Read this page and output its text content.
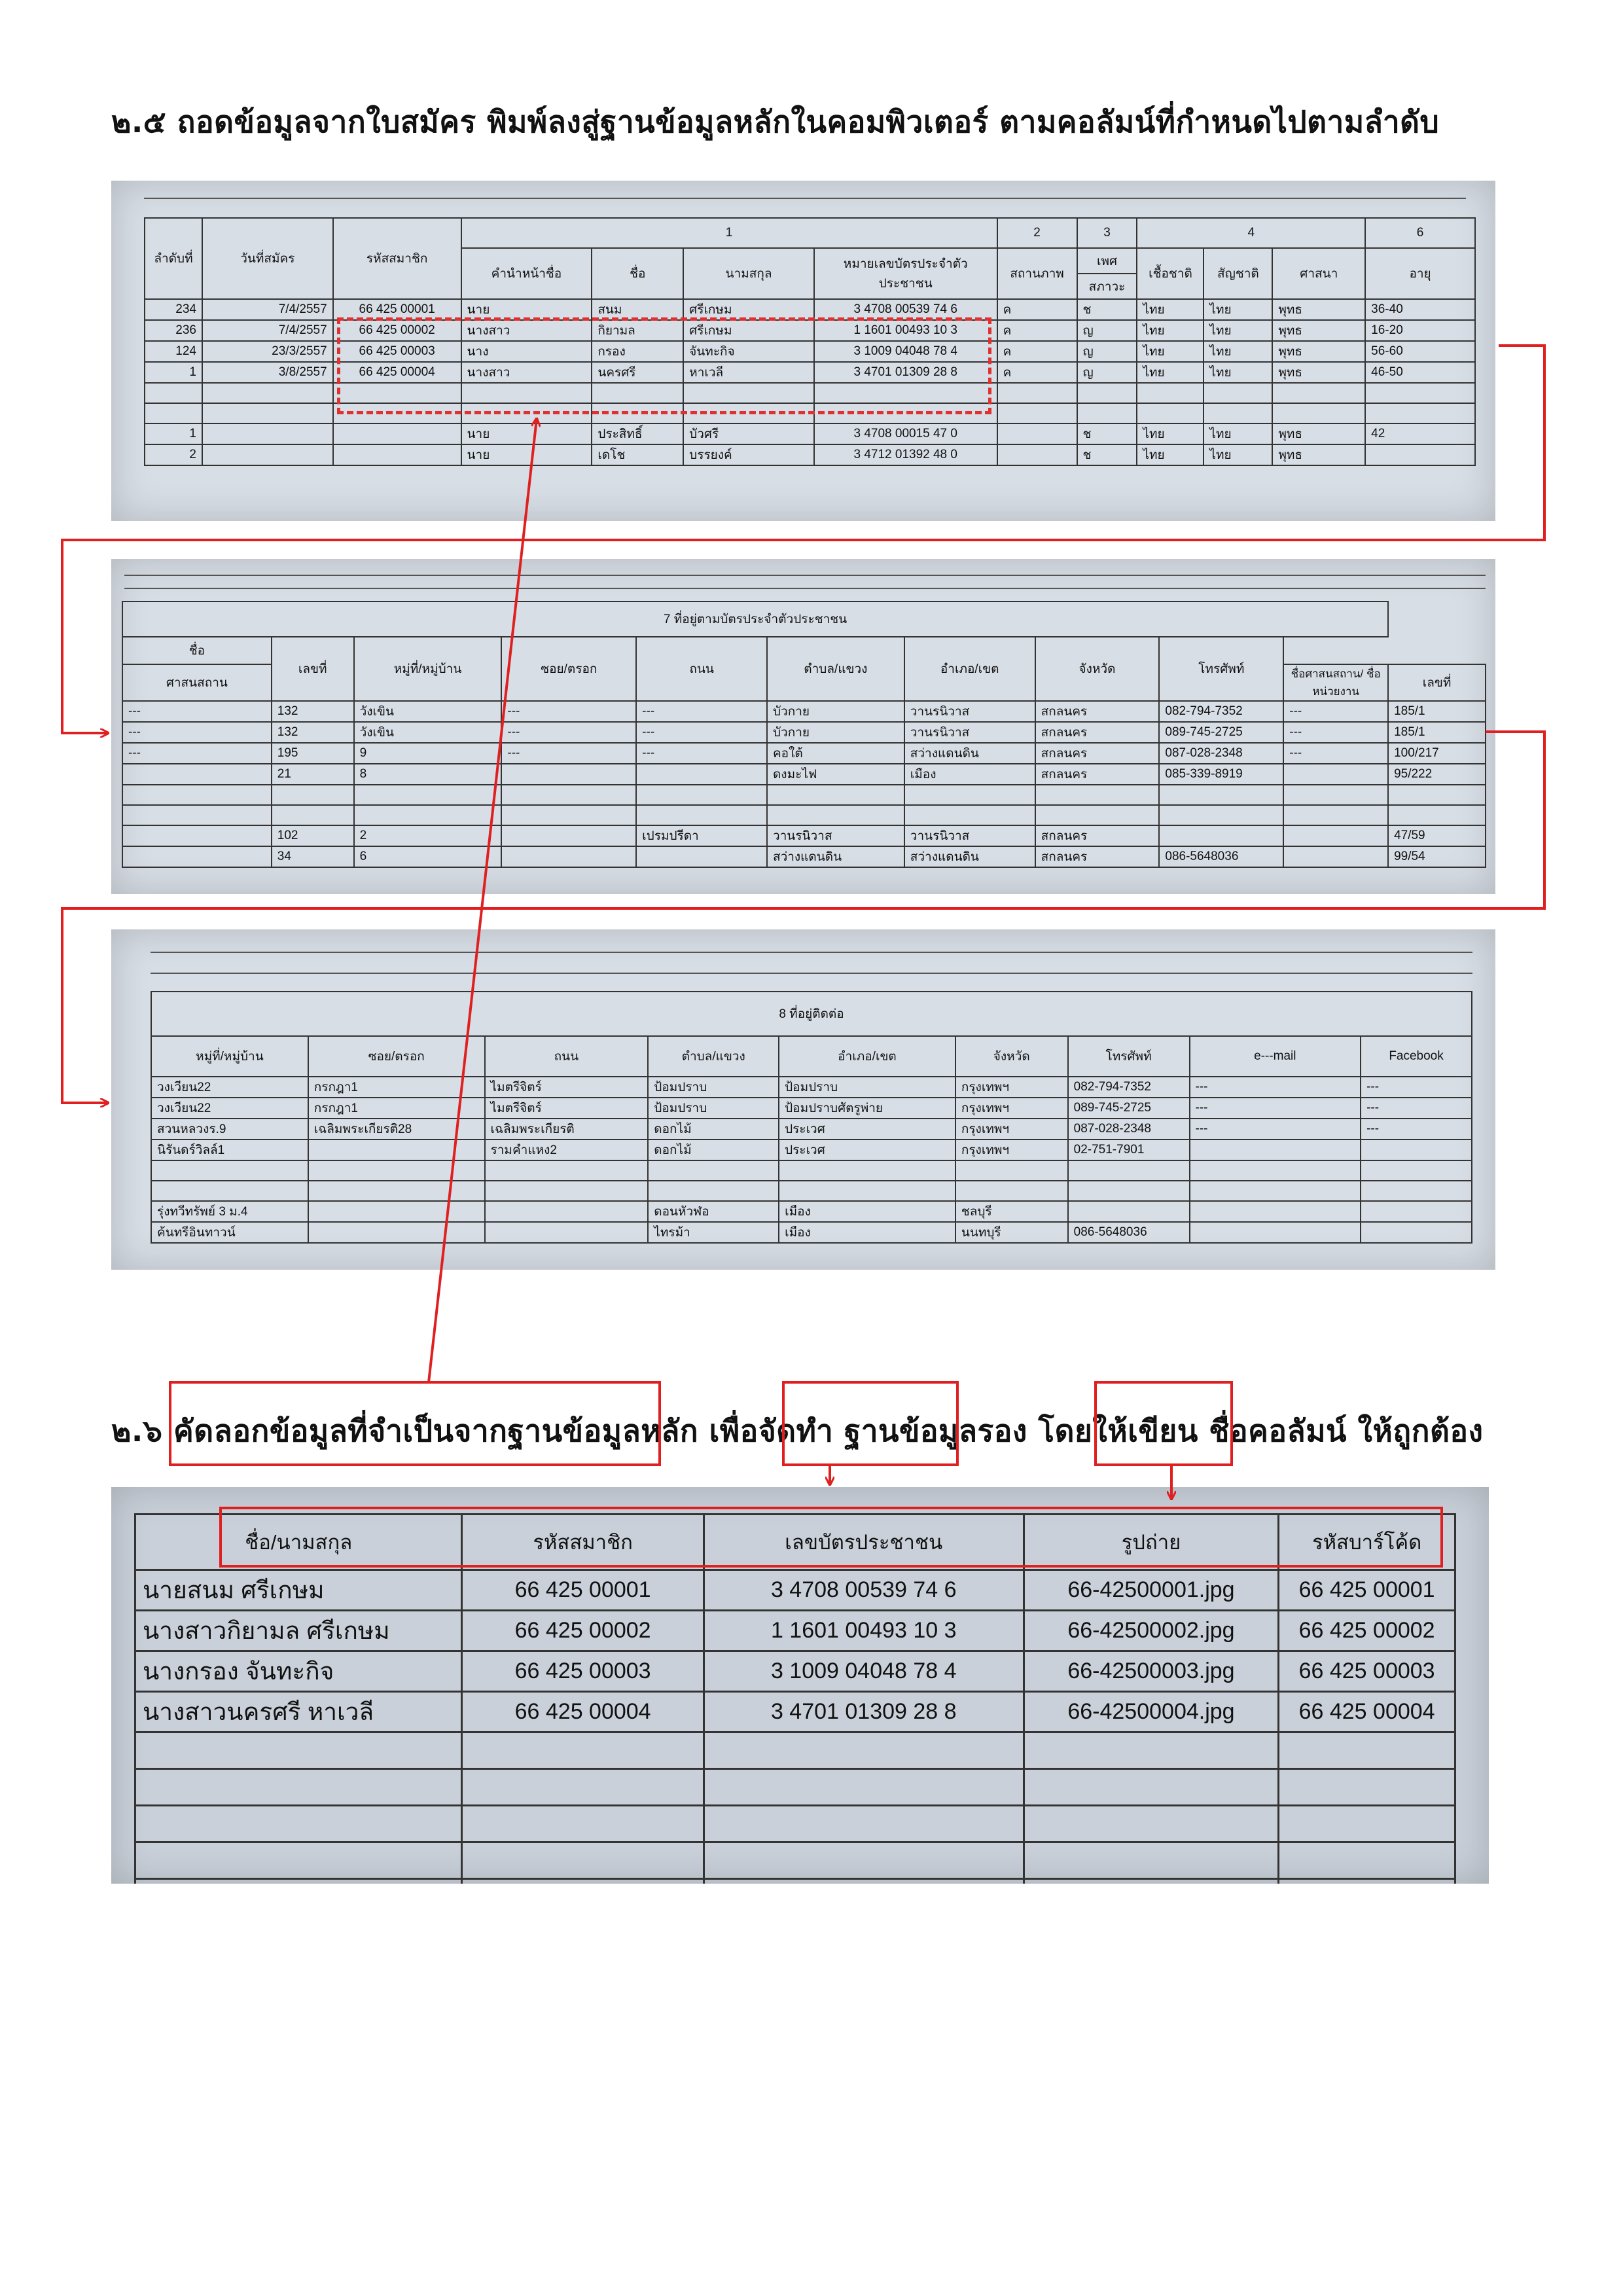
๒.๕ ถอดข้อมูลจากใบสมัคร พิมพ์ลงสู่ฐานข้อมูลหลักในคอมพิวเตอร์ ตามคอลัมน์ที่กำหนดไปตามลำดับ
ลำดับที่	วันที่สมัคร	รหัสสมาชิก	1				2	3	4			6
			คำนำหน้าชื่อ	ชื่อ	นามสกุล	หมายเลขบัตรประจำตัว ประชาชน	สถานภาพ	เพศ	เชื้อชาติ	สัญชาติ	ศาสนา	อายุ
								สภาวะ				
234	7/4/2557	66 425 00001	นาย	สนม	ศรีเกษม	3 4708 00539 74 6	ค	ช	ไทย	ไทย	พุทธ	36-40
236	7/4/2557	66 425 00002	นางสาว	กิยามล	ศรีเกษม	1 1601 00493 10 3	ค	ญ	ไทย	ไทย	พุทธ	16-20
124	23/3/2557	66 425 00003	นาง	กรอง	จันทะกิจ	3 1009 04048 78 4	ค	ญ	ไทย	ไทย	พุทธ	56-60
1	3/8/2557	66 425 00004	นางสาว	นครศรี	หาเวลี	3 4701 01309 28 8	ค	ญ	ไทย	ไทย	พุทธ	46-50

1			นาย	ประสิทธิ์	บัวศรี	3 4708 00015 47 0		ช	ไทย	ไทย	พุทธ	42
2			นาย	เดโช	บรรยงค์	3 4712 01392 48 0		ช	ไทย	ไทย	พุทธ	
7 ที่อยู่ตามบัตรประจำตัวประชาชน										
ชื่อ	เลขที่	หมู่ที่/หมู่บ้าน	ซอย/ตรอก	ถนน	ตำบล/แขวง	อำเภอ/เขต	จังหวัด	โทรศัพท์		
ศาสนสถาน									ชื่อศาสนสถาน/ ชื่อหน่วยงาน	เลขที่
---	132	วังเขิน	---	---	บัวกาย	วานรนิวาส	สกลนคร	082-794-7352	---	185/1
---	132	วังเขิน	---	---	บัวกาย	วานรนิวาส	สกลนคร	089-745-2725	---	185/1
---	195	9	---	---	คอใต้	สว่างแดนดิน	สกลนคร	087-028-2348	---	100/217
	21	8			ดงมะไฟ	เมือง	สกลนคร	085-339-8919		95/222

	102	2		เปรมปรีดา	วานรนิวาส	วานรนิวาส	สกลนคร			47/59
	34	6			สว่างแดนดิน	สว่างแดนดิน	สกลนคร	086-5648036		99/54
8 ที่อยู่ติดต่อ								
หมู่ที่/หมู่บ้าน	ซอย/ตรอก	ถนน	ตำบล/แขวง	อำเภอ/เขต	จังหวัด	โทรศัพท์	e---mail	Facebook
วงเวียน22	กรกฎา1	ไมตรีจิตร์	ป้อมปราบ	ป้อมปราบ	กรุงเทพฯ	082-794-7352	---	---
วงเวียน22	กรกฎา1	ไมตรีจิตร์	ป้อมปราบ	ป้อมปราบศัตรูพ่าย	กรุงเทพฯ	089-745-2725	---	---
สวนหลวงร.9	เฉลิมพระเกียรติ28	เฉลิมพระเกียรติ	ดอกไม้	ประเวศ	กรุงเทพฯ	087-028-2348	---	---
นิรันดร์วิลล์1		รามคำแหง2	ดอกไม้	ประเวศ	กรุงเทพฯ	02-751-7901		

รุ่งทวีทรัพย์ 3 ม.4			ดอนหัวฬอ	เมือง	ชลบุรี			
ค้นทรีอินทาวน์			ไทรม้า	เมือง	นนทบุรี	086-5648036		
๒.๖ คัดลอกข้อมูลที่จำเป็นจากฐานข้อมูลหลัก เพื่อจัดทำ ฐานข้อมูลรอง โดยให้เขียน ชื่อคอลัมน์ ให้ถูกต้อง
ชื่อ/นามสกุล	รหัสสมาชิก	เลขบัตรประชาชน	รูปถ่าย	รหัสบาร์โค้ด
นายสนม ศรีเกษม	66 425 00001	3 4708 00539 74 6	66-42500001.jpg	66 425 00001
นางสาวกิยามล ศรีเกษม	66 425 00002	1 1601 00493 10 3	66-42500002.jpg	66 425 00002
นางกรอง จันทะกิจ	66 425 00003	3 1009 04048 78 4	66-42500003.jpg	66 425 00003
นางสาวนครศรี หาเวลี	66 425 00004	3 4701 01309 28 8	66-42500004.jpg	66 425 00004
